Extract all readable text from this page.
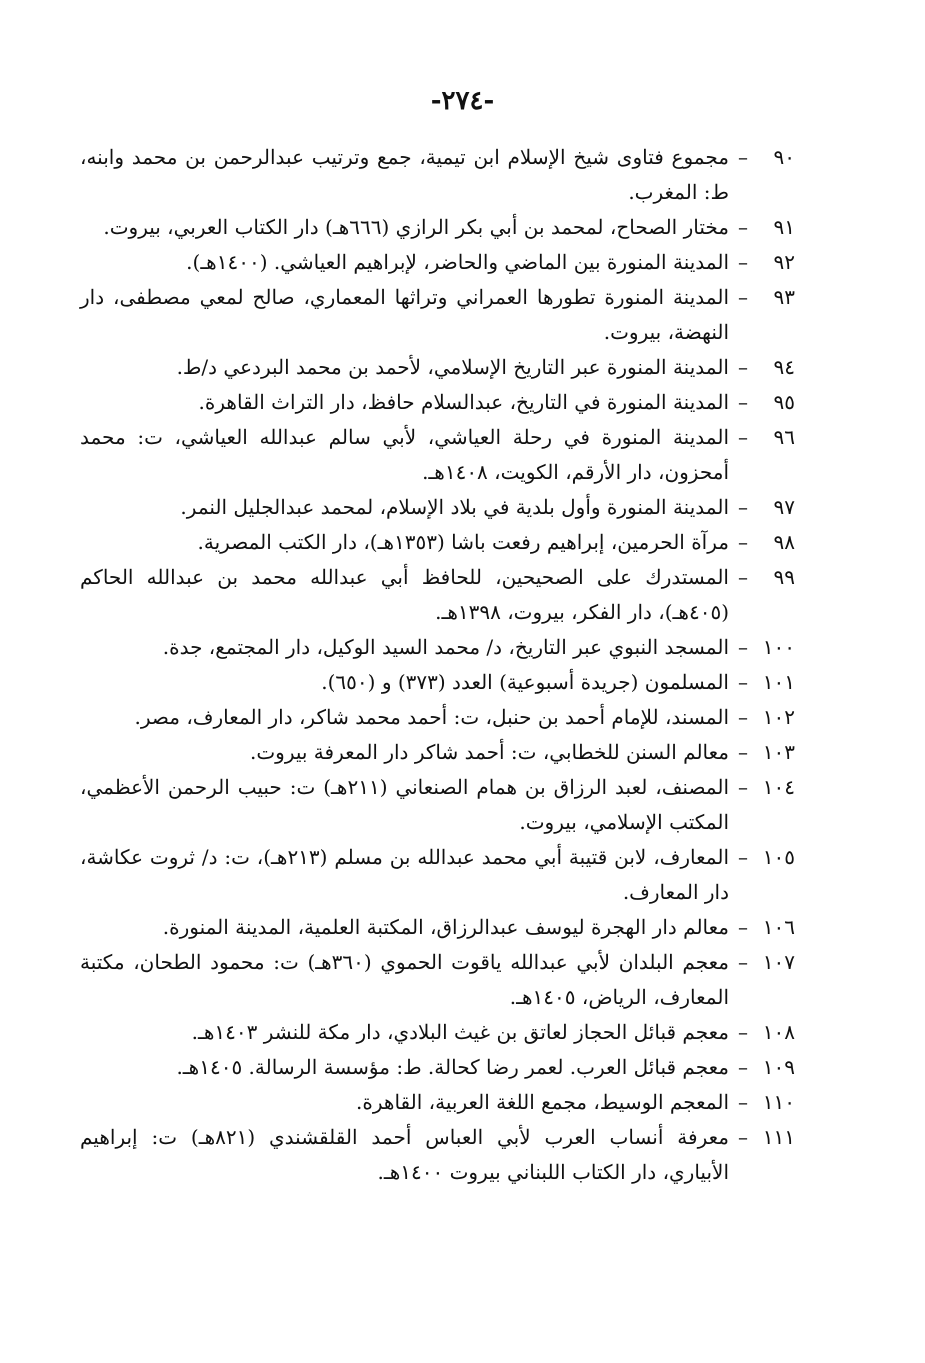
-٢٧٤-
٩٠
–
مجموع فتاوى شيخ الإسلام ابن تيمية، جمع وترتيب عبدالرحمن بن محمد وابنه، ط: المغرب.
٩١
–
مختار الصحاح، لمحمد بن أبي بكر الرازي (٦٦٦هـ) دار الكتاب العربي، بيروت.
٩٢
–
المدينة المنورة بين الماضي والحاضر، لإبراهيم العياشي. (١٤٠٠هـ).
٩٣
–
المدينة المنورة تطورها العمراني وتراثها المعماري، صالح لمعي مصطفى، دار النهضة، بيروت.
٩٤
–
المدينة المنورة عبر التاريخ الإسلامي، لأحمد بن محمد البردعي د/ط.
٩٥
–
المدينة المنورة في التاريخ، عبدالسلام حافظ، دار التراث القاهرة.
٩٦
–
المدينة المنورة في رحلة العياشي، لأبي سالم عبدالله العياشي، ت: محمد أمحزون، دار الأرقم، الكويت، ١٤٠٨هـ.
٩٧
–
المدينة المنورة وأول بلدية في بلاد الإسلام، لمحمد عبدالجليل النمر.
٩٨
–
مرآة الحرمين، إبراهيم رفعت باشا (١٣٥٣هـ)، دار الكتب المصرية.
٩٩
–
المستدرك على الصحيحين، للحافظ أبي عبدالله محمد بن عبدالله الحاكم (٤٠٥هـ)، دار الفكر، بيروت، ١٣٩٨هـ.
١٠٠
–
المسجد النبوي عبر التاريخ، د/ محمد السيد الوكيل، دار المجتمع، جدة.
١٠١
–
المسلمون (جريدة أسبوعية) العدد (٣٧٣) و (٦٥٠).
١٠٢
–
المسند، للإمام أحمد بن حنبل، ت: أحمد محمد شاكر، دار المعارف، مصر.
١٠٣
–
معالم السنن للخطابي، ت: أحمد شاكر دار المعرفة بيروت.
١٠٤
–
المصنف، لعبد الرزاق بن همام الصنعاني (٢١١هـ) ت: حبيب الرحمن الأعظمي، المكتب الإسلامي، بيروت.
١٠٥
–
المعارف، لابن قتيبة أبي محمد عبدالله بن مسلم (٢١٣هـ)، ت: د/ ثروت عكاشة، دار المعارف.
١٠٦
–
معالم دار الهجرة ليوسف عبدالرزاق، المكتبة العلمية، المدينة المنورة.
١٠٧
–
معجم البلدان لأبي عبدالله ياقوت الحموي (٣٦٠هـ) ت: محمود الطحان، مكتبة المعارف، الرياض، ١٤٠٥هـ.
١٠٨
–
معجم قبائل الحجاز لعاتق بن غيث البلادي، دار مكة للنشر ١٤٠٣هـ.
١٠٩
–
معجم قبائل العرب. لعمر رضا كحالة. ط: مؤسسة الرسالة. ١٤٠٥هـ.
١١٠
–
المعجم الوسيط، مجمع اللغة العربية، القاهرة.
١١١
–
معرفة أنساب العرب لأبي العباس أحمد القلقشندي (٨٢١هـ) ت: إبراهيم الأبياري، دار الكتاب اللبناني بيروت ١٤٠٠هـ.
